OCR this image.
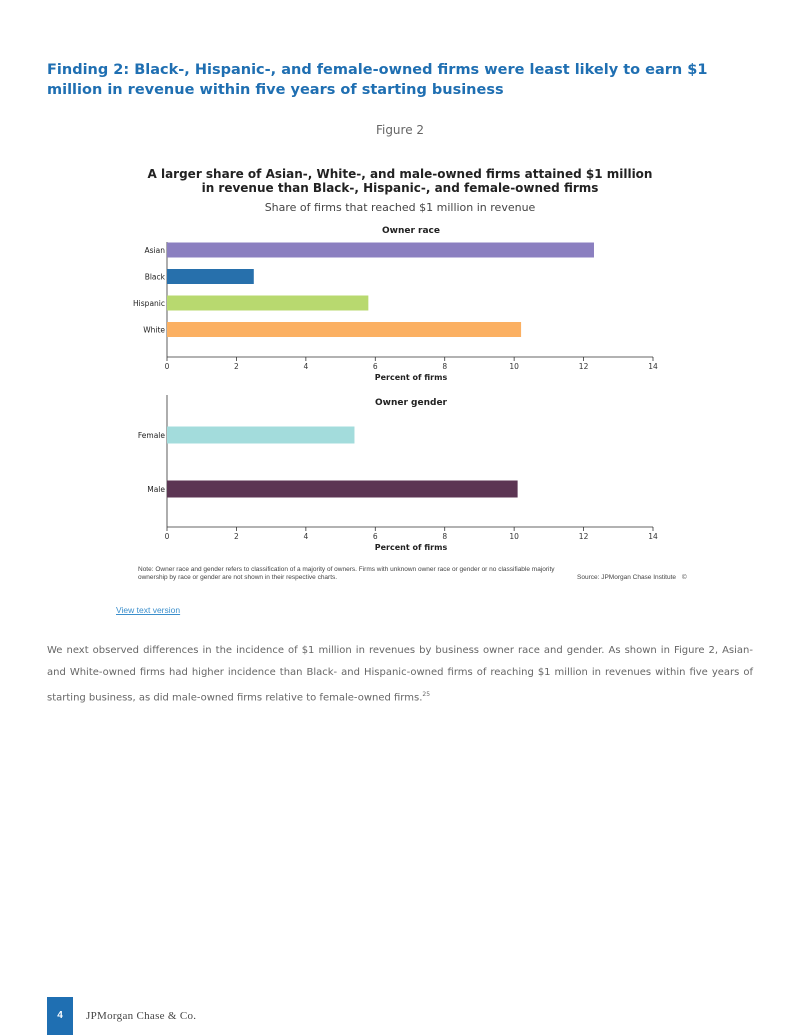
Finding 2: Black-, Hispanic-, and female-owned firms were least likely to earn $1 million in revenue within five years of starting business
Figure 2
A larger share of Asian-, White-, and male-owned firms attained $1 million in revenue than Black-, Hispanic-, and female-owned firms
Share of firms that reached $1 million in revenue
Owner race
Asian
Black
Hispanic
White
0	2	4	6	8	10	12	14
Percent of firms
Owner gender
Female
Male
0	2	4	6	8	10	12	14
Percent of firms
Note: Owner race and gender refers to classification of a majority of owners. Firms with unknown owner race or gender or no classifiable majority ownership by race or gender are not shown in their respective charts.	Source: JPMorgan Chase Institute ©
View text version

We next observed differences in the incidence of $1 million in revenues by business owner race and gender. As shown in Figure 2, Asian- and White-owned firms had higher incidence than Black- and Hispanic-owned firms of reaching $1 million in revenues within five years of starting business, as did male-owned firms relative to female-owned firms.$^{25}$

4	JPMorgan Chase & Co.
